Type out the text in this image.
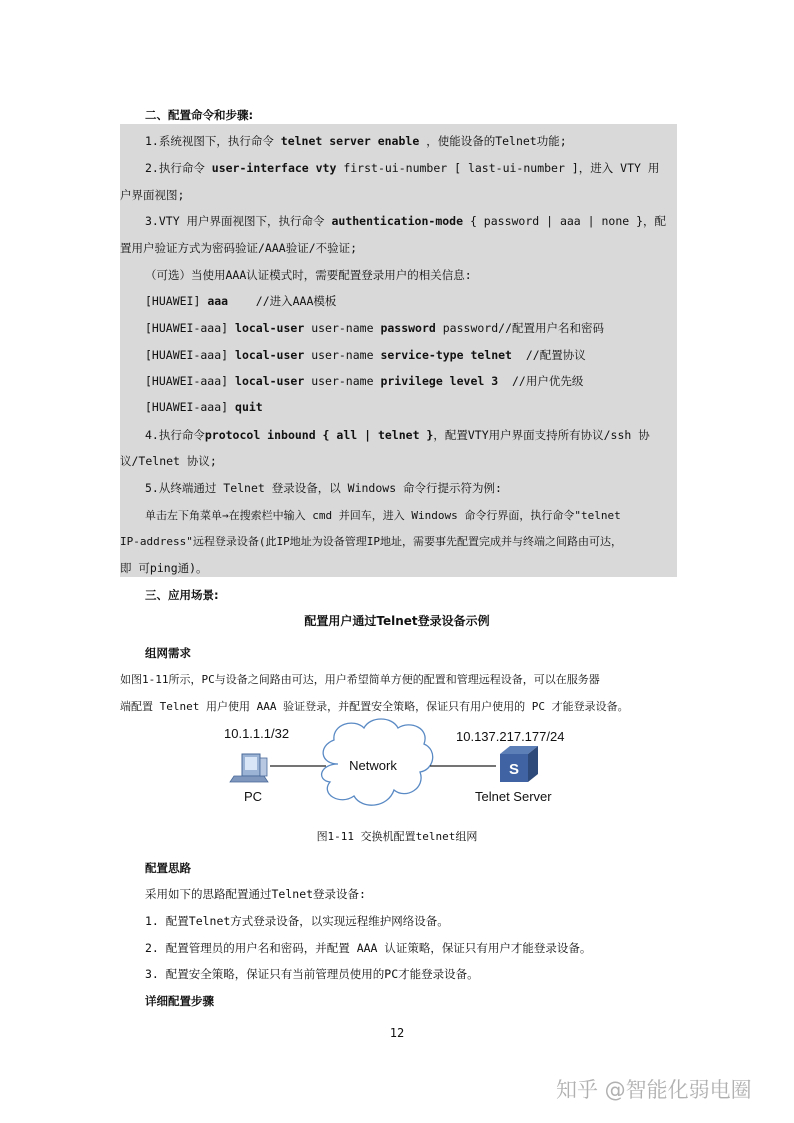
二、配置命令和步骤:
1.系统视图下，执行命令 telnet server enable ，使能设备的Telnet功能;
2.执行命令 user-interface vty first-ui-number [ last-ui-number ]，进入 VTY 用
户界面视图;
3.VTY 用户界面视图下，执行命令 authentication-mode { password | aaa | none }，配
置用户验证方式为密码验证/AAA验证/不验证;
（可选）当使用AAA认证模式时，需要配置登录用户的相关信息:
[HUAWEI] aaa    //进入AAA模板
[HUAWEI-aaa] local-user user-name password password//配置用户名和密码
[HUAWEI-aaa] local-user user-name service-type telnet  //配置协议
[HUAWEI-aaa] local-user user-name privilege level 3  //用户优先级
[HUAWEI-aaa] quit
4.执行命令protocol inbound { all | telnet }，配置VTY用户界面支持所有协议/ssh 协
议/Telnet 协议;
5.从终端通过 Telnet 登录设备，以 Windows 命令行提示符为例:
单击左下角菜单→在搜索栏中输入 cmd 并回车，进入 Windows 命令行界面，执行命令"telnet
IP-address"远程登录设备(此IP地址为设备管理IP地址，需要事先配置完成并与终端之间路由可达，
即 可ping通)。
三、应用场景:
配置用户通过Telnet登录设备示例
组网需求
如图1-11所示，PC与设备之间路由可达，用户希望简单方便的配置和管理远程设备，可以在服务器
端配置 Telnet 用户使用 AAA 验证登录，并配置安全策略，保证只有用户使用的 PC 才能登录设备。
10.1.1.1/32
PC
Network
10.137.217.177/24
S
Telnet Server
图1-11 交换机配置telnet组网
配置思路
采用如下的思路配置通过Telnet登录设备:
1. 配置Telnet方式登录设备，以实现远程维护网络设备。
2. 配置管理员的用户名和密码，并配置 AAA 认证策略，保证只有用户才能登录设备。
3. 配置安全策略，保证只有当前管理员使用的PC才能登录设备。
详细配置步骤
12
知乎 @智能化弱电圈
